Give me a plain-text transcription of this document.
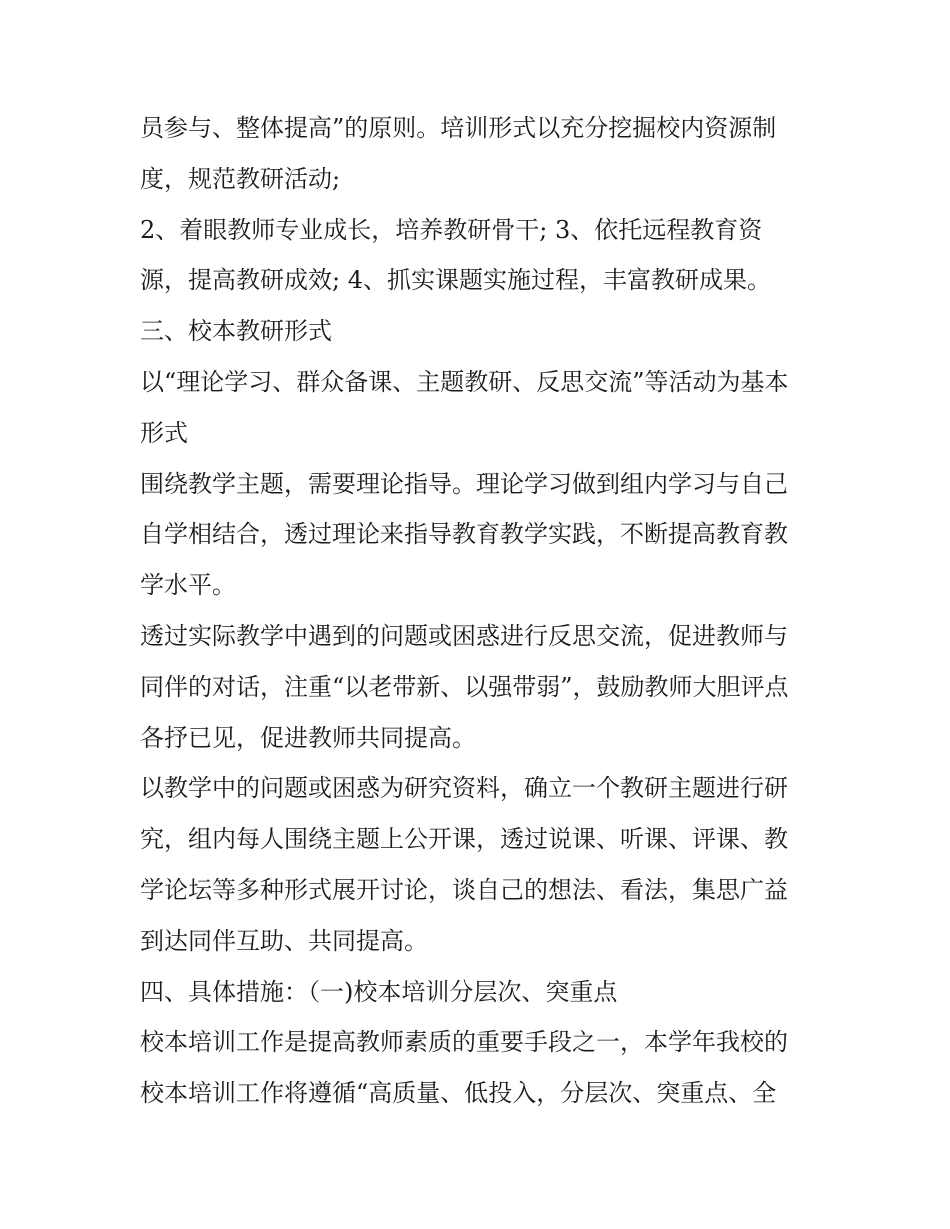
员参与、整体提高”的原则。培训形式以充分挖掘校内资源制
度，规范教研活动;
2、着眼教师专业成长，培养教研骨干; 3、依托远程教育资
源，提高教研成效; 4、抓实课题实施过程，丰富教研成果。
三、校本教研形式
以“理论学习、群众备课、主题教研、反思交流”等活动为基本
形式
围绕教学主题，需要理论指导。理论学习做到组内学习与自己
自学相结合，透过理论来指导教育教学实践，不断提高教育教
学水平。
透过实际教学中遇到的问题或困惑进行反思交流，促进教师与
同伴的对话，注重“以老带新、以强带弱”，鼓励教师大胆评点
各抒已见，促进教师共同提高。
以教学中的问题或困惑为研究资料，确立一个教研主题进行研
究，组内每人围绕主题上公开课，透过说课、听课、评课、教
学论坛等多种形式展开讨论，谈自己的想法、看法，集思广益
到达同伴互助、共同提高。
四、具体措施：（一)校本培训分层次、突重点
校本培训工作是提高教师素质的重要手段之一，本学年我校的
校本培训工作将遵循“高质量、低投入，分层次、突重点、全
